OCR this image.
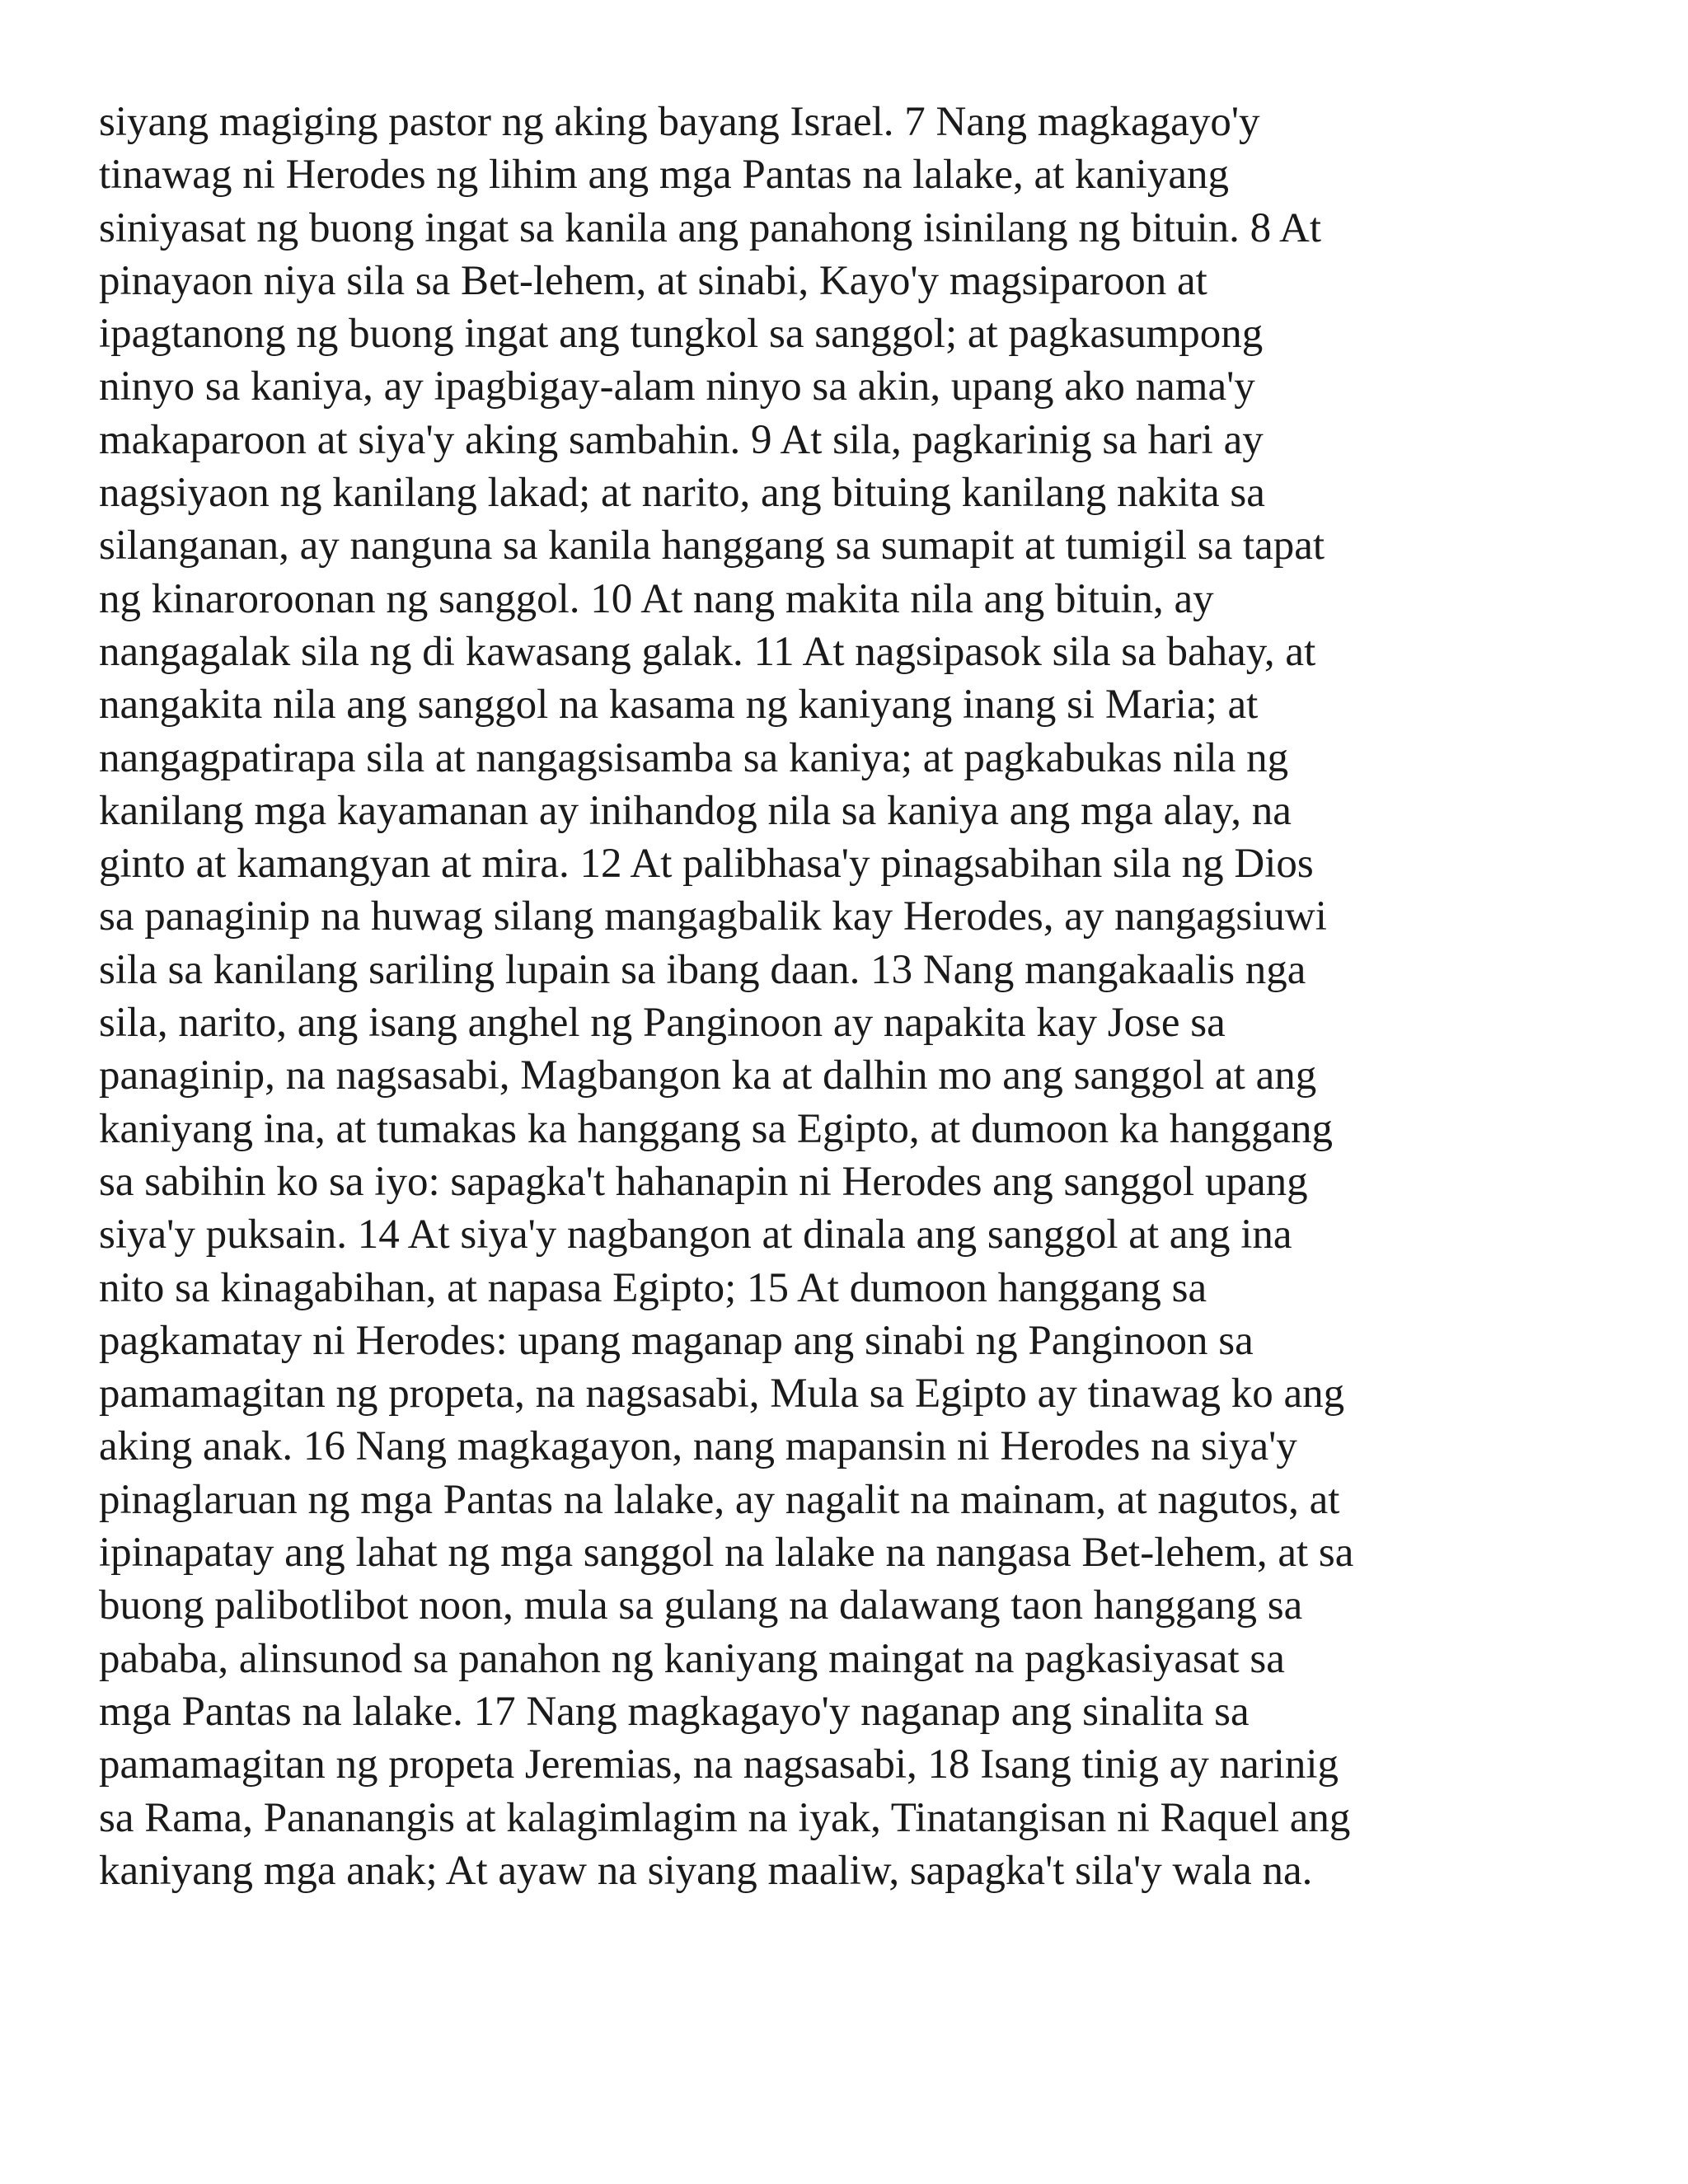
siyang magiging pastor ng aking bayang Israel. 7 Nang magkagayo'y
tinawag ni Herodes ng lihim ang mga Pantas na lalake, at kaniyang
siniyasat ng buong ingat sa kanila ang panahong isinilang ng bituin. 8 At
pinayaon niya sila sa Bet-lehem, at sinabi, Kayo'y magsiparoon at
ipagtanong ng buong ingat ang tungkol sa sanggol; at pagkasumpong
ninyo sa kaniya, ay ipagbigay-alam ninyo sa akin, upang ako nama'y
makaparoon at siya'y aking sambahin. 9 At sila, pagkarinig sa hari ay
nagsiyaon ng kanilang lakad; at narito, ang bituing kanilang nakita sa
silanganan, ay nanguna sa kanila hanggang sa sumapit at tumigil sa tapat
ng kinaroroonan ng sanggol. 10 At nang makita nila ang bituin, ay
nangagalak sila ng di kawasang galak. 11 At nagsipasok sila sa bahay, at
nangakita nila ang sanggol na kasama ng kaniyang inang si Maria; at
nangagpatirapa sila at nangagsisamba sa kaniya; at pagkabukas nila ng
kanilang mga kayamanan ay inihandog nila sa kaniya ang mga alay, na
ginto at kamangyan at mira. 12 At palibhasa'y pinagsabihan sila ng Dios
sa panaginip na huwag silang mangagbalik kay Herodes, ay nangagsiuwi
sila sa kanilang sariling lupain sa ibang daan. 13 Nang mangakaalis nga
sila, narito, ang isang anghel ng Panginoon ay napakita kay Jose sa
panaginip, na nagsasabi, Magbangon ka at dalhin mo ang sanggol at ang
kaniyang ina, at tumakas ka hanggang sa Egipto, at dumoon ka hanggang
sa sabihin ko sa iyo: sapagka't hahanapin ni Herodes ang sanggol upang
siya'y puksain. 14 At siya'y nagbangon at dinala ang sanggol at ang ina
nito sa kinagabihan, at napasa Egipto; 15 At dumoon hanggang sa
pagkamatay ni Herodes: upang maganap ang sinabi ng Panginoon sa
pamamagitan ng propeta, na nagsasabi, Mula sa Egipto ay tinawag ko ang
aking anak. 16 Nang magkagayon, nang mapansin ni Herodes na siya'y
pinaglaruan ng mga Pantas na lalake, ay nagalit na mainam, at nagutos, at
ipinapatay ang lahat ng mga sanggol na lalake na nangasa Bet-lehem, at sa
buong palibotlibot noon, mula sa gulang na dalawang taon hanggang sa
pababa, alinsunod sa panahon ng kaniyang maingat na pagkasiyasat sa
mga Pantas na lalake. 17 Nang magkagayo'y naganap ang sinalita sa
pamamagitan ng propeta Jeremias, na nagsasabi, 18 Isang tinig ay narinig
sa Rama, Pananangis at kalagimlagim na iyak, Tinatangisan ni Raquel ang
kaniyang mga anak; At ayaw na siyang maaliw, sapagka't sila'y wala na.
